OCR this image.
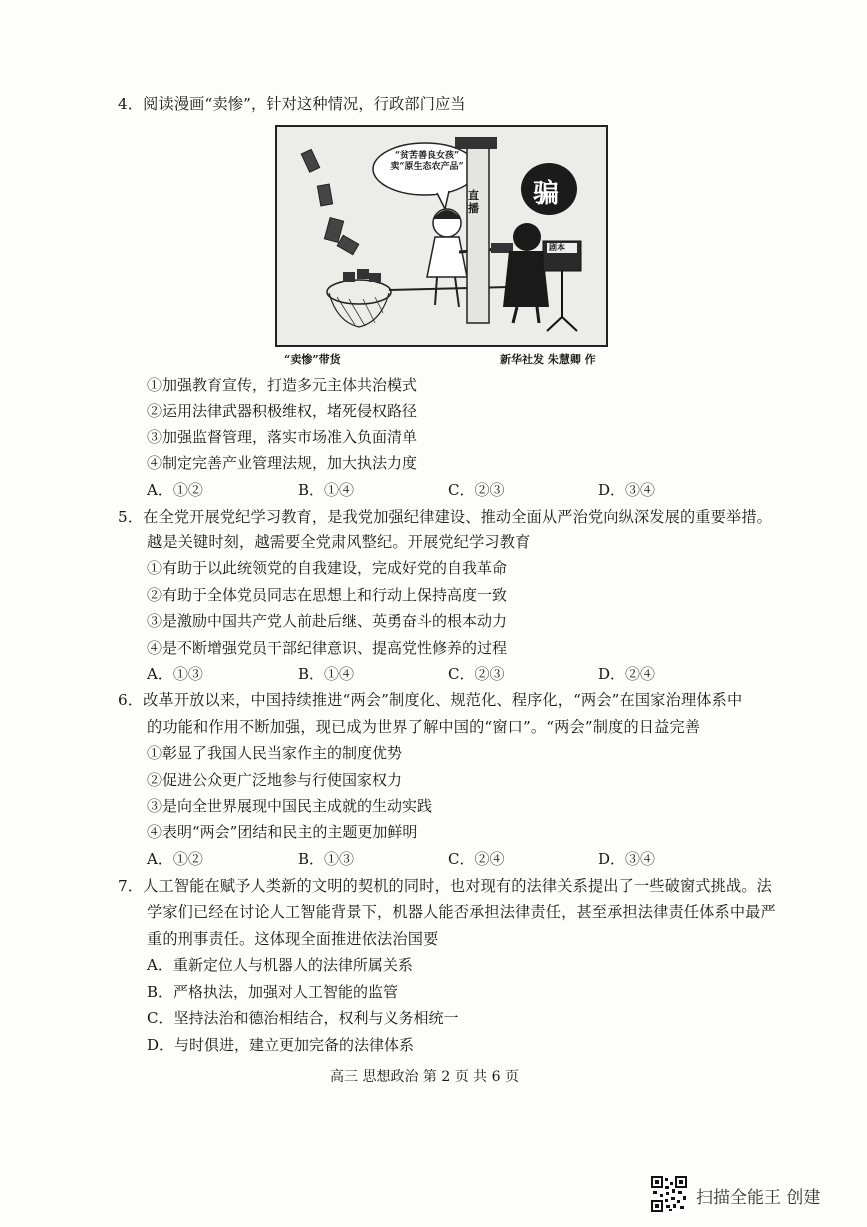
4．阅读漫画“卖惨”，针对这种情况，行政部门应当
“贫苦善良女孩”
卖“原生态农产品”
直播 骗
剧本
“卖惨”带货	新华社发 朱慧卿 作
①加强教育宣传，打造多元主体共治模式
②运用法律武器积极维权，堵死侵权路径
③加强监督管理，落实市场准入负面清单
④制定完善产业管理法规，加大执法力度
A．①②	B．①④	C．②③	D．③④
5．在全党开展党纪学习教育，是我党加强纪律建设、推动全面从严治党向纵深发展的重要举措。
越是关键时刻，越需要全党肃风整纪。开展党纪学习教育
①有助于以此统领党的自我建设，完成好党的自我革命
②有助于全体党员同志在思想上和行动上保持高度一致
③是激励中国共产党人前赴后继、英勇奋斗的根本动力
④是不断增强党员干部纪律意识、提高党性修养的过程
A．①③	B．①④	C．②③	D．②④
6．改革开放以来，中国持续推进“两会”制度化、规范化、程序化，“两会”在国家治理体系中
的功能和作用不断加强，现已成为世界了解中国的“窗口”。“两会”制度的日益完善
①彰显了我国人民当家作主的制度优势
②促进公众更广泛地参与行使国家权力
③是向全世界展现中国民主成就的生动实践
④表明“两会”团结和民主的主题更加鲜明
A．①②	B．①③	C．②④	D．③④
7．人工智能在赋予人类新的文明的契机的同时，也对现有的法律关系提出了一些破窗式挑战。法
学家们已经在讨论人工智能背景下，机器人能否承担法律责任，甚至承担法律责任体系中最严
重的刑事责任。这体现全面推进依法治国要
A．重新定位人与机器人的法律所属关系
B．严格执法，加强对人工智能的监管
C．坚持法治和德治相结合，权利与义务相统一
D．与时俱进，建立更加完备的法律体系
高三 思想政治 第 2 页 共 6 页
扫描全能王 创建
